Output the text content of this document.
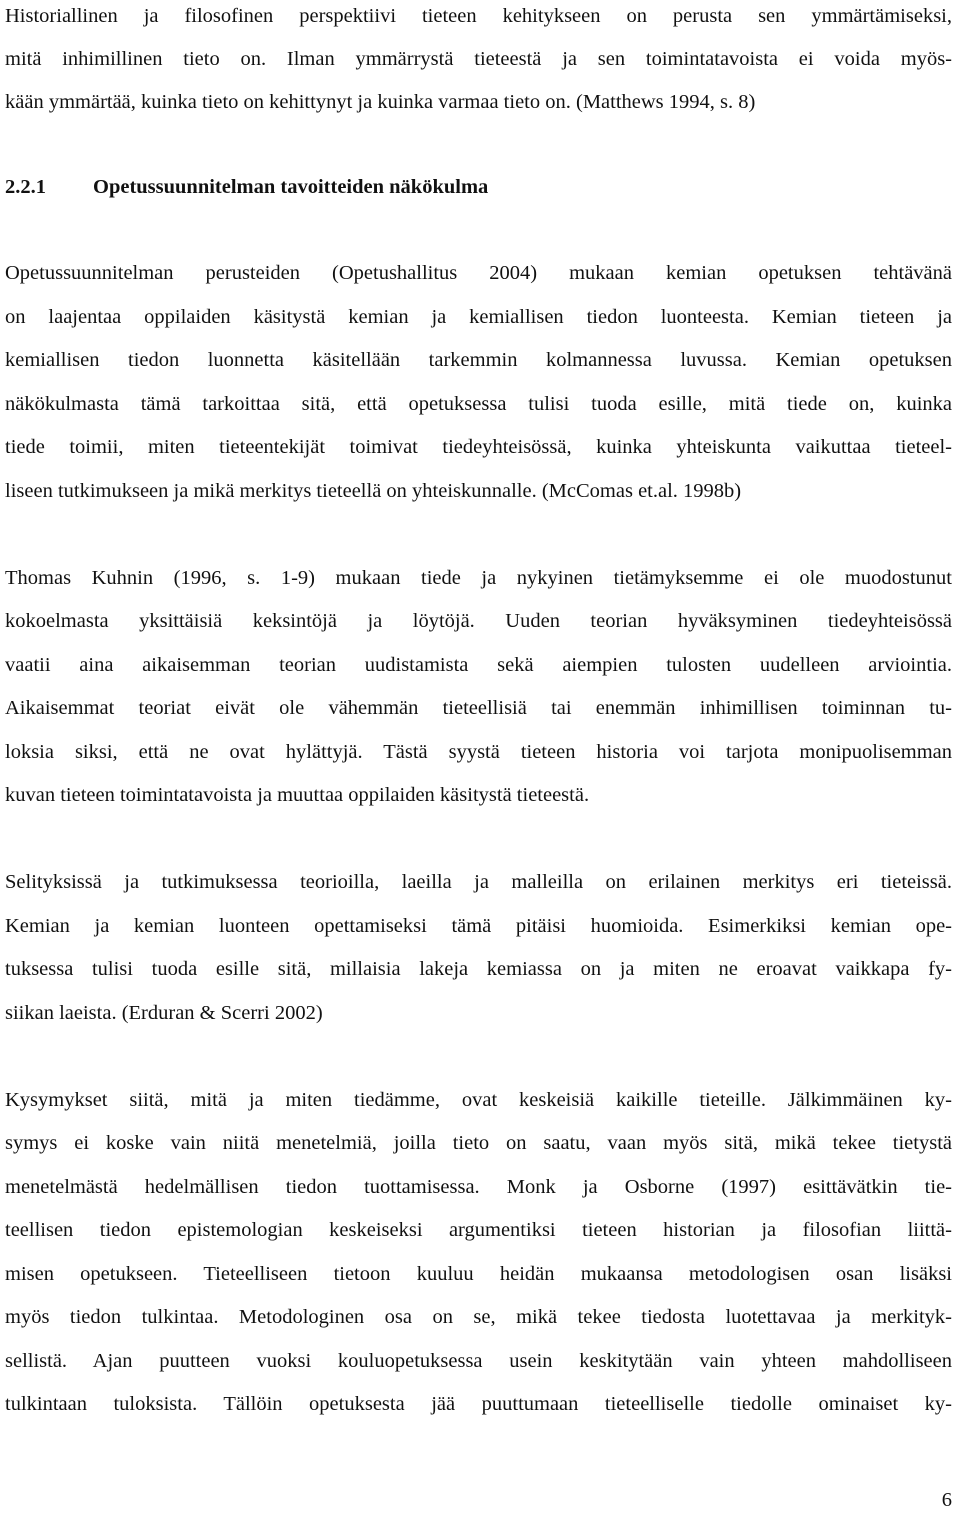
Historiallinen ja filosofinen perspektiivi tieteen kehitykseen on perusta sen ymmärtämiseksi,

mitä inhimillinen tieto on. Ilman ymmärrystä tieteestä ja sen toimintatavoista ei voida myös-

kään ymmärtää, kuinka tieto on kehittynyt ja kuinka varmaa tieto on. (Matthews 1994, s. 8)

2.2.1 Opetussuunnitelman tavoitteiden näkökulma

Opetussuunnitelman perusteiden (Opetushallitus 2004) mukaan kemian opetuksen tehtävänä

on laajentaa oppilaiden käsitystä kemian ja kemiallisen tiedon luonteesta. Kemian tieteen ja

kemiallisen tiedon luonnetta käsitellään tarkemmin kolmannessa luvussa. Kemian opetuksen

näkökulmasta tämä tarkoittaa sitä, että opetuksessa tulisi tuoda esille, mitä tiede on, kuinka

tiede toimii, miten tieteentekijät toimivat tiedeyhteisössä, kuinka yhteiskunta vaikuttaa tieteel-

liseen tutkimukseen ja mikä merkitys tieteellä on yhteiskunnalle. (McComas et.al. 1998b)

Thomas Kuhnin (1996, s. 1-9) mukaan tiede ja nykyinen tietämyksemme ei ole muodostunut

kokoelmasta yksittäisiä keksintöjä ja löytöjä. Uuden teorian hyväksyminen tiedeyhteisössä

vaatii aina aikaisemman teorian uudistamista sekä aiempien tulosten uudelleen arviointia.

Aikaisemmat teoriat eivät ole vähemmän tieteellisiä tai enemmän inhimillisen toiminnan tu-

loksia siksi, että ne ovat hylättyjä. Tästä syystä tieteen historia voi tarjota monipuolisemman

kuvan tieteen toimintatavoista ja muuttaa oppilaiden käsitystä tieteestä.

Selityksissä ja tutkimuksessa teorioilla, laeilla ja malleilla on erilainen merkitys eri tieteissä.

Kemian ja kemian luonteen opettamiseksi tämä pitäisi huomioida. Esimerkiksi kemian ope-

tuksessa tulisi tuoda esille sitä, millaisia lakeja kemiassa on ja miten ne eroavat vaikkapa fy-

siikan laeista. (Erduran & Scerri 2002)

Kysymykset siitä, mitä ja miten tiedämme, ovat keskeisiä kaikille tieteille. Jälkimmäinen ky-

symys ei koske vain niitä menetelmiä, joilla tieto on saatu, vaan myös sitä, mikä tekee tietystä

menetelmästä hedelmällisen tiedon tuottamisessa. Monk ja Osborne (1997) esittävätkin tie-

teellisen tiedon epistemologian keskeiseksi argumentiksi tieteen historian ja filosofian liittä-

misen opetukseen. Tieteelliseen tietoon kuuluu heidän mukaansa metodologisen osan lisäksi

myös tiedon tulkintaa. Metodologinen osa on se, mikä tekee tiedosta luotettavaa ja merkityk-

sellistä. Ajan puutteen vuoksi kouluopetuksessa usein keskitytään vain yhteen mahdolliseen

tulkintaan tuloksista. Tällöin opetuksesta jää puuttumaan tieteelliselle tiedolle ominaiset ky-

6
